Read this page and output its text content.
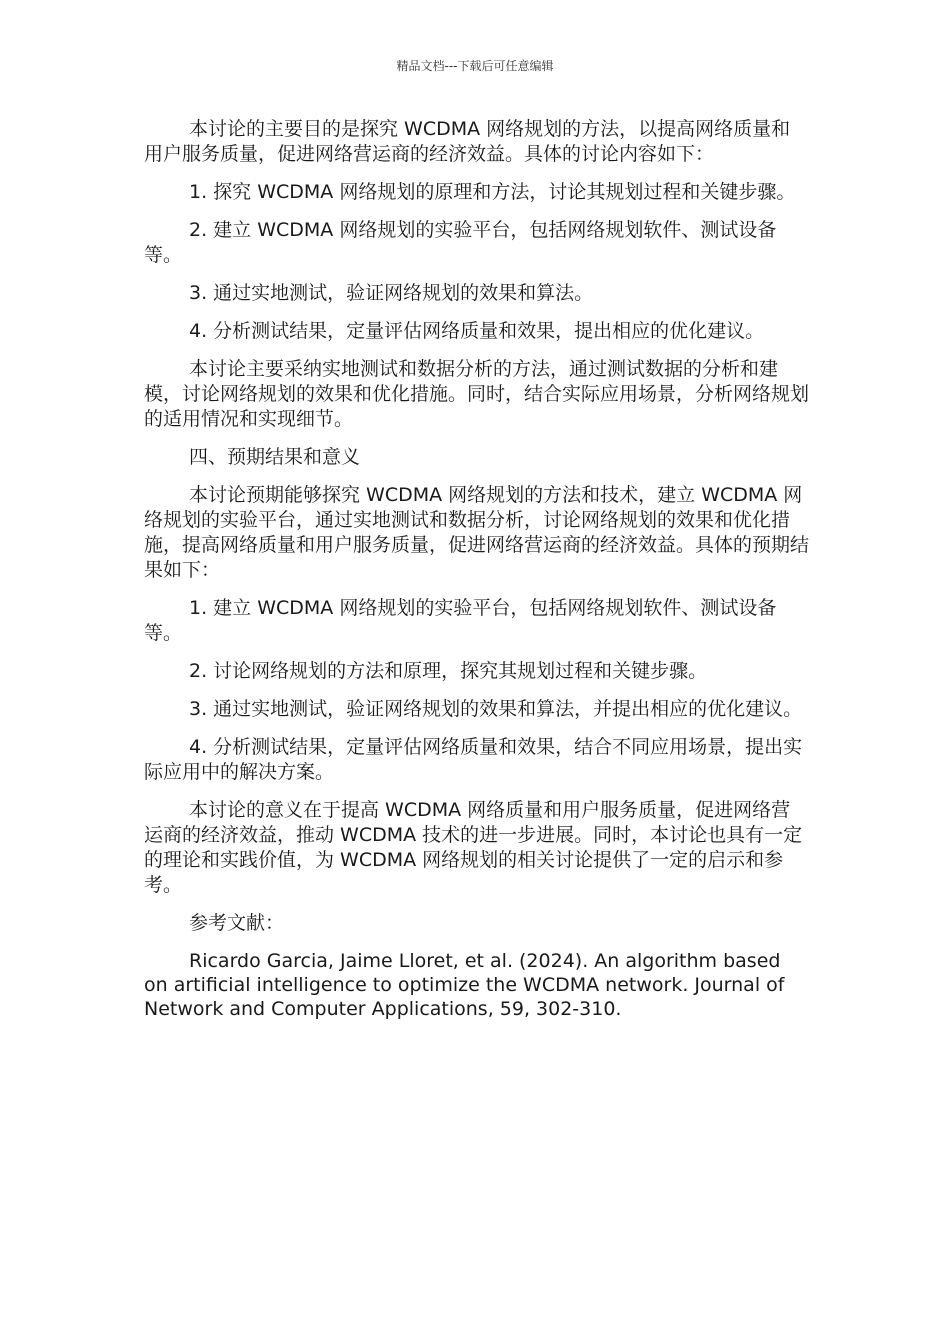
精品文档---下载后可任意编辑

本讨论的主要目的是探究 WCDMA 网络规划的方法，以提高网络质量和用户服务质量，促进网络营运商的经济效益。具体的讨论内容如下：

1. 探究 WCDMA 网络规划的原理和方法，讨论其规划过程和关键步骤。

2. 建立 WCDMA 网络规划的实验平台，包括网络规划软件、测试设备等。

3. 通过实地测试，验证网络规划的效果和算法。

4. 分析测试结果，定量评估网络质量和效果，提出相应的优化建议。

本讨论主要采纳实地测试和数据分析的方法，通过测试数据的分析和建模，讨论网络规划的效果和优化措施。同时，结合实际应用场景，分析网络规划的适用情况和实现细节。

四、预期结果和意义

本讨论预期能够探究 WCDMA 网络规划的方法和技术，建立 WCDMA 网络规划的实验平台，通过实地测试和数据分析，讨论网络规划的效果和优化措施，提高网络质量和用户服务质量，促进网络营运商的经济效益。具体的预期结果如下：

1. 建立 WCDMA 网络规划的实验平台，包括网络规划软件、测试设备等。

2. 讨论网络规划的方法和原理，探究其规划过程和关键步骤。

3. 通过实地测试，验证网络规划的效果和算法，并提出相应的优化建议。

4. 分析测试结果，定量评估网络质量和效果，结合不同应用场景，提出实际应用中的解决方案。

本讨论的意义在于提高 WCDMA 网络质量和用户服务质量，促进网络营运商的经济效益，推动 WCDMA 技术的进一步进展。同时，本讨论也具有一定的理论和实践价值，为 WCDMA 网络规划的相关讨论提供了一定的启示和参考。

参考文献：

Ricardo Garcia, Jaime Lloret, et al. (2024). An algorithm based on artificial intelligence to optimize the WCDMA network. Journal of Network and Computer Applications, 59, 302-310.
